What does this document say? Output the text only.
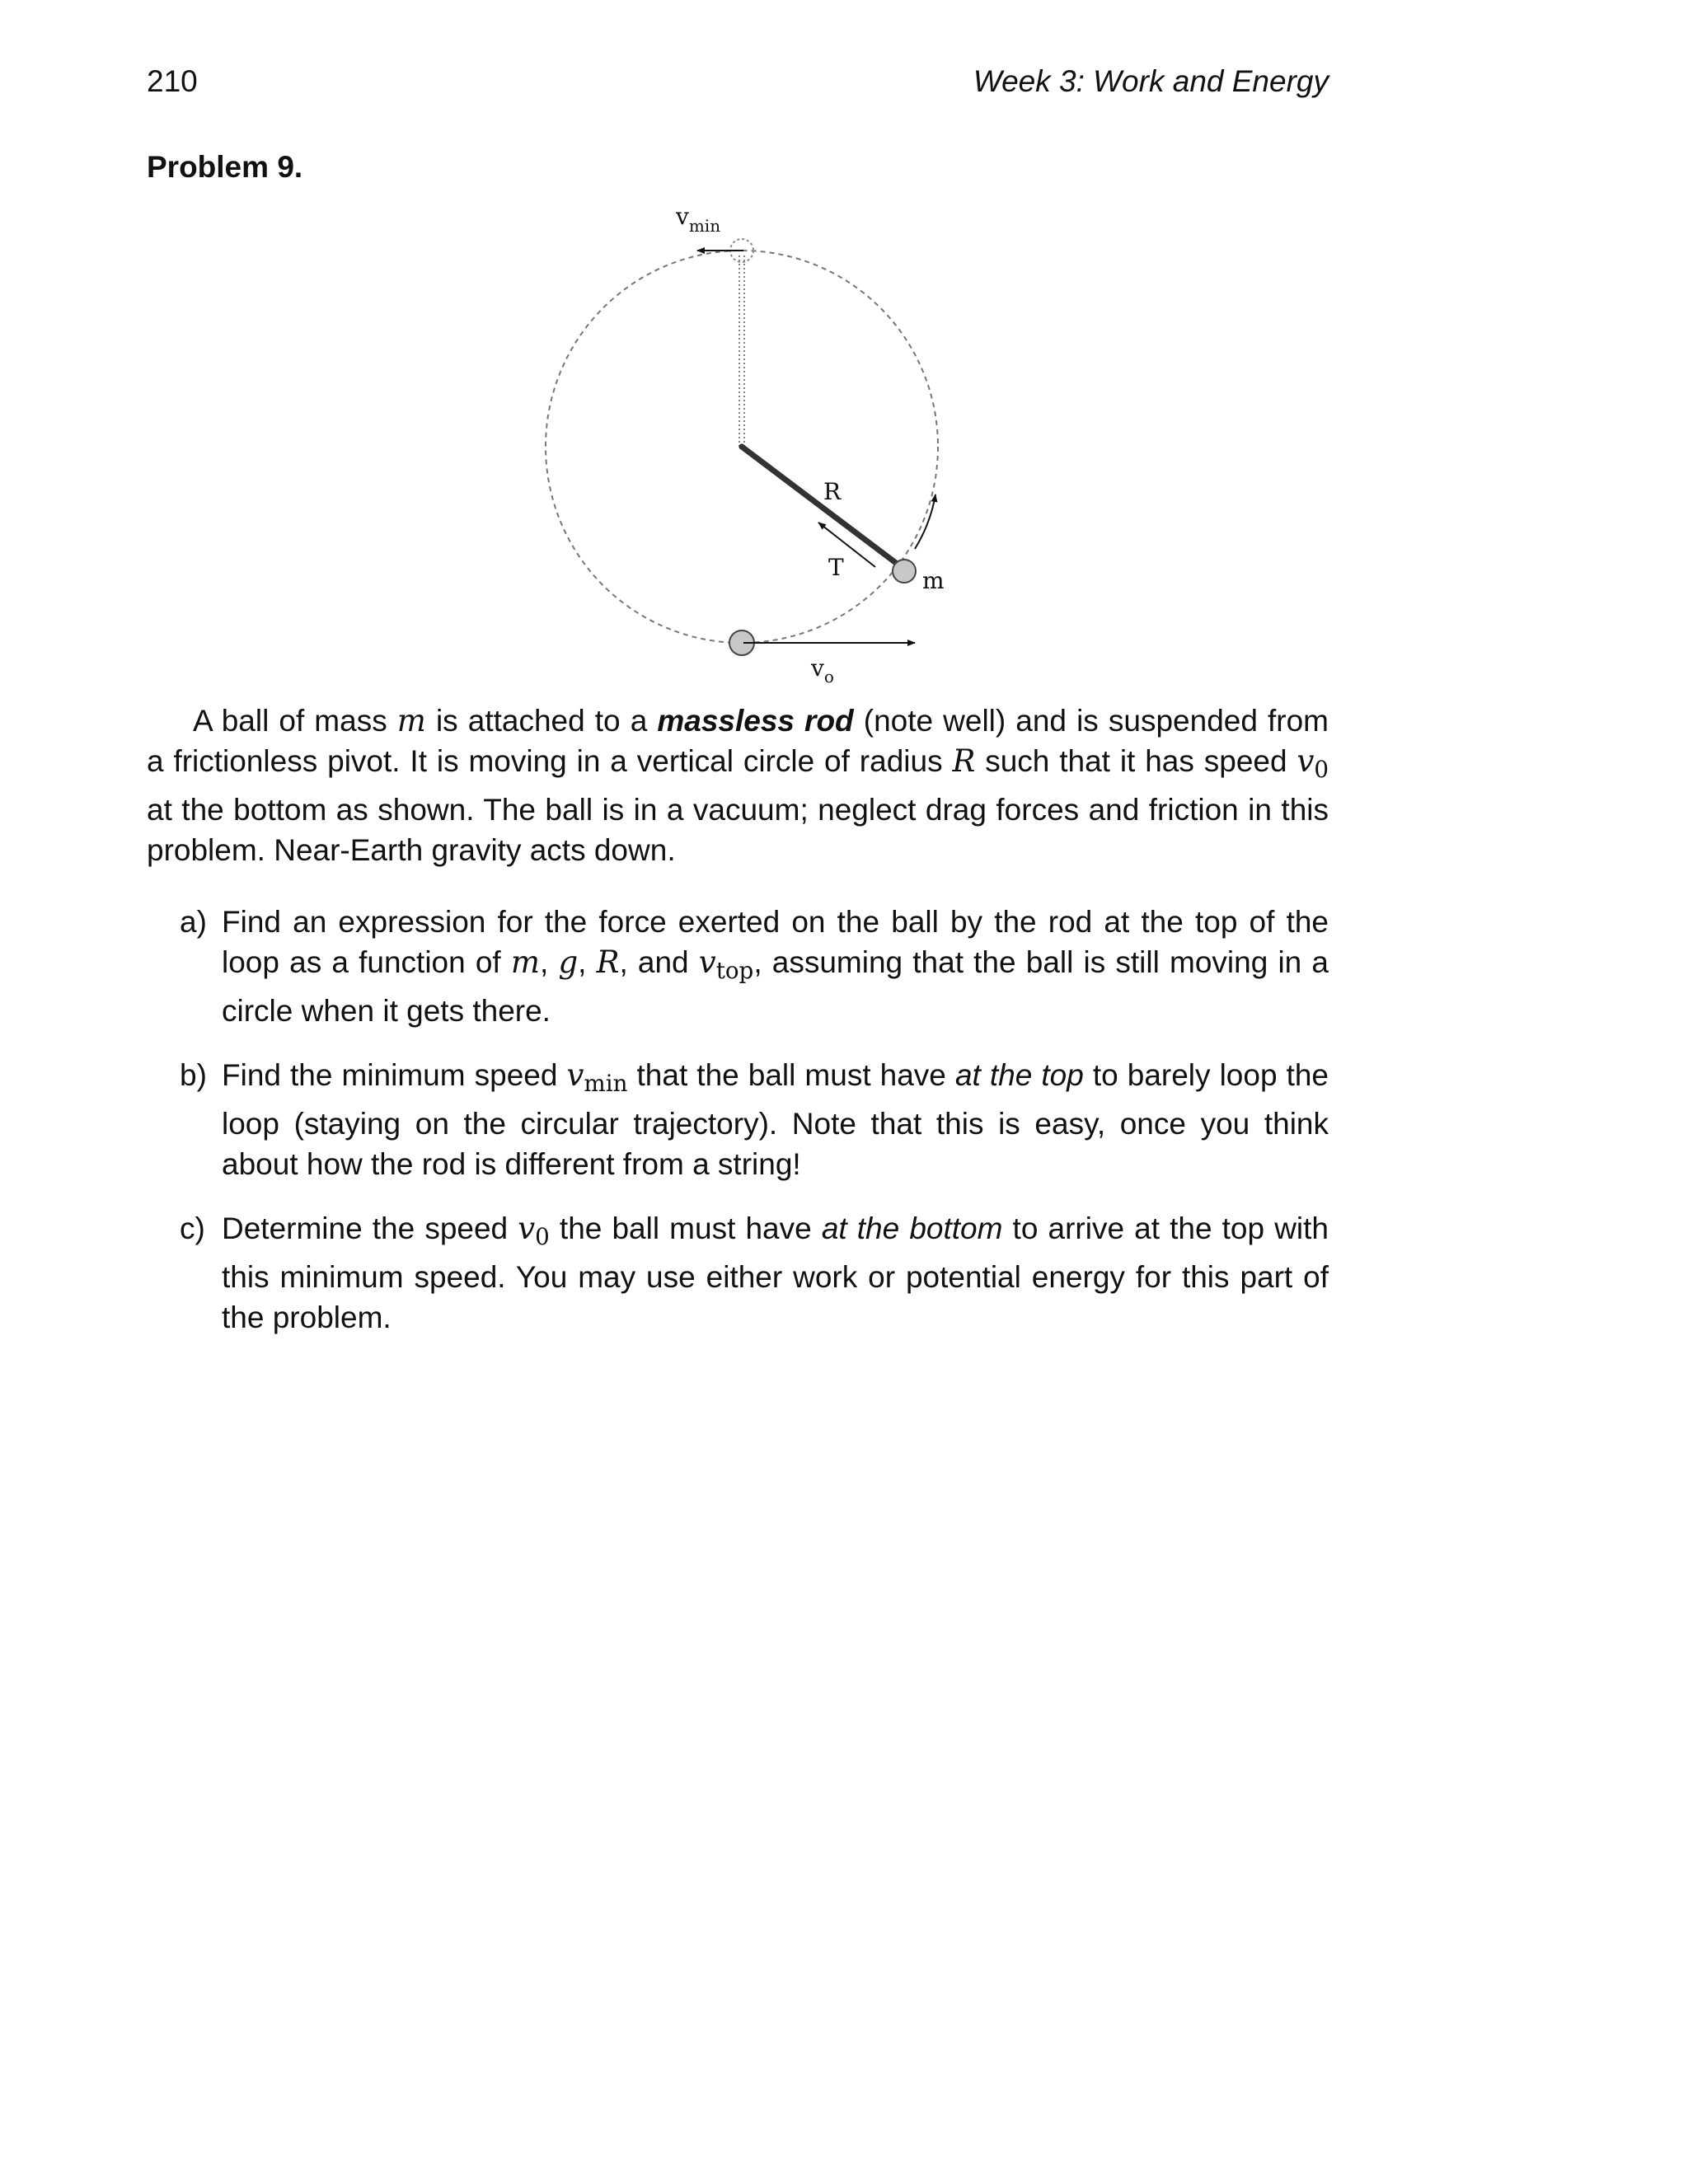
210	Week 3: Work and Energy
Problem 9.
$v_{min}$
R
T	m
$v_o$

A ball of mass m is attached to a massless rod (note well) and is suspended from a frictionless pivot. It is moving in a vertical circle of radius R such that it has speed $v_0$ at the bottom as shown. The ball is in a vacuum; neglect drag forces and friction in this problem. Near-Earth gravity acts down.

a) Find an expression for the force exerted on the ball by the rod at the top of the loop as a function of m, g, R, and $v_{top}$, assuming that the ball is still moving in a circle when it gets there.
b) Find the minimum speed $v_{min}$ that the ball must have at the top to barely loop the loop (staying on the circular trajectory). Note that this is easy, once you think about how the rod is different from a string!
c) Determine the speed $v_0$ the ball must have at the bottom to arrive at the top with this minimum speed. You may use either work or potential energy for this part of the problem.
